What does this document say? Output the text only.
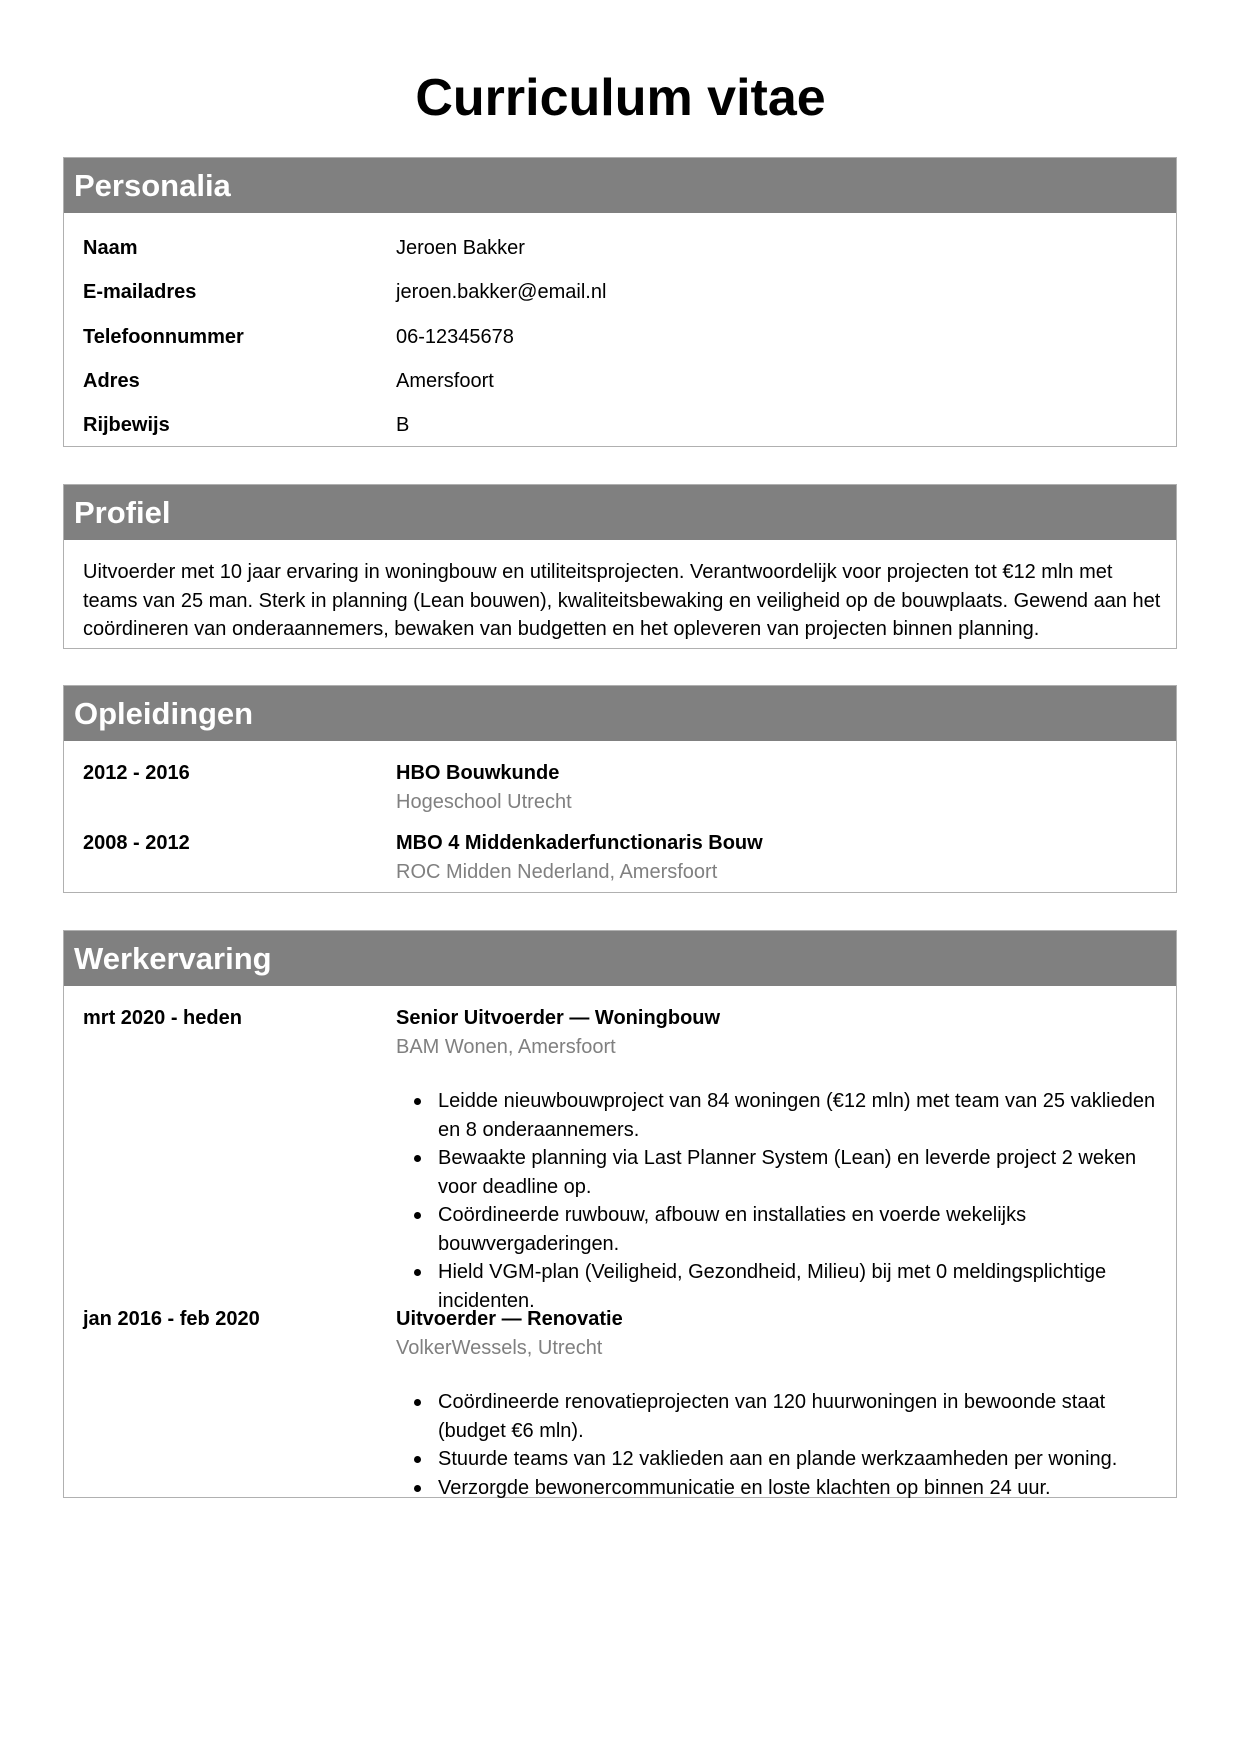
Curriculum vitae
Personalia
Naam	Jeroen Bakker
E-mailadres	jeroen.bakker@email.nl
Telefoonnummer	06-12345678
Adres	Amersfoort
Rijbewijs	B
Profiel

Uitvoerder met 10 jaar ervaring in woningbouw en utiliteitsprojecten. Verantwoordelijk voor projecten tot €12 mln met teams van 25 man. Sterk in planning (Lean bouwen), kwaliteitsbewaking en veiligheid op de bouwplaats. Gewend aan het coördineren van onderaannemers, bewaken van budgetten en het opleveren van projecten binnen planning.

Opleidingen
2012 - 2016	HBO Bouwkunde
Hogeschool Utrecht
2008 - 2012	MBO 4 Middenkaderfunctionaris Bouw
ROC Midden Nederland, Amersfoort
Werkervaring
mrt 2020 - heden	Senior Uitvoerder — Woningbouw
BAM Wonen, Amersfoort
Leidde nieuwbouwproject van 84 woningen (€12 mln) met team van 25 vaklieden en 8 onderaannemers.
Bewaakte planning via Last Planner System (Lean) en leverde project 2 weken voor deadline op.
Coördineerde ruwbouw, afbouw en installaties en voerde wekelijks bouwvergaderingen.
Hield VGM-plan (Veiligheid, Gezondheid, Milieu) bij met 0 meldingsplichtige incidenten.
jan 2016 - feb 2020	Uitvoerder — Renovatie
VolkerWessels, Utrecht
Coördineerde renovatieprojecten van 120 huurwoningen in bewoonde staat (budget €6 mln).
Stuurde teams van 12 vaklieden aan en plande werkzaamheden per woning.
Verzorgde bewonercommunicatie en loste klachten op binnen 24 uur.
